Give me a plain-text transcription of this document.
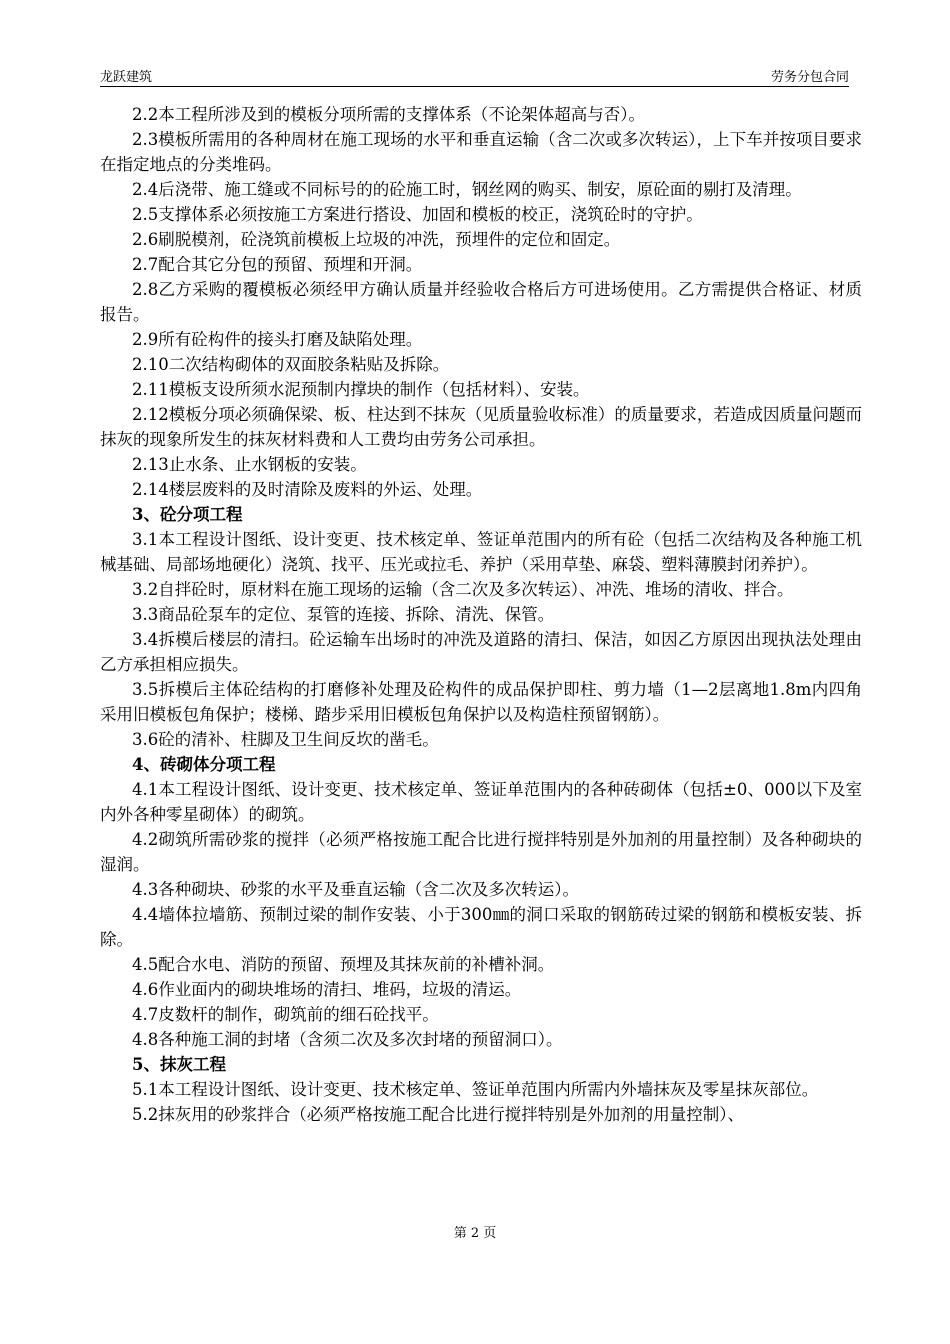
龙跃建筑	劳务分包合同

2.2本工程所涉及到的模板分项所需的支撑体系（不论架体超高与否）。

2.3模板所需用的各种周材在施工现场的水平和垂直运输（含二次或多次转运），上下车并按项目要求在指定地点的分类堆码。

2.4后浇带、施工缝或不同标号的的砼施工时，钢丝网的购买、制安，原砼面的剔打及清理。

2.5支撑体系必须按施工方案进行搭设、加固和模板的校正，浇筑砼时的守护。

2.6刷脱模剂，砼浇筑前模板上垃圾的冲洗，预埋件的定位和固定。

2.7配合其它分包的预留、预埋和开洞。

2.8乙方采购的覆模板必须经甲方确认质量并经验收合格后方可进场使用。乙方需提供合格证、材质报告。

2.9所有砼构件的接头打磨及缺陷处理。

2.10二次结构砌体的双面胶条粘贴及拆除。

2.11模板支设所须水泥预制内撑块的制作（包括材料）、安装。

2.12模板分项必须确保梁、板、柱达到不抹灰（见质量验收标准）的质量要求，若造成因质量问题而抹灰的现象所发生的抹灰材料费和人工费均由劳务公司承担。

2.13止水条、止水钢板的安装。

2.14楼层废料的及时清除及废料的外运、处理。

3、砼分项工程

3.1本工程设计图纸、设计变更、技术核定单、签证单范围内的所有砼（包括二次结构及各种施工机械基础、局部场地硬化）浇筑、找平、压光或拉毛、养护（采用草垫、麻袋、塑料薄膜封闭养护）。

3.2自拌砼时，原材料在施工现场的运输（含二次及多次转运）、冲洗、堆场的清收、拌合。

3.3商品砼泵车的定位、泵管的连接、拆除、清洗、保管。

3.4拆模后楼层的清扫。砼运输车出场时的冲洗及道路的清扫、保洁，如因乙方原因出现执法处理由乙方承担相应损失。

3.5拆模后主体砼结构的打磨修补处理及砼构件的成品保护即柱、剪力墙（1—2层离地1.8m内四角采用旧模板包角保护；楼梯、踏步采用旧模板包角保护以及构造柱预留钢筋）。

3.6砼的清补、柱脚及卫生间反坎的凿毛。

4、砖砌体分项工程

4.1本工程设计图纸、设计变更、技术核定单、签证单范围内的各种砖砌体（包括±0、000以下及室内外各种零星砌体）的砌筑。

4.2砌筑所需砂浆的搅拌（必须严格按施工配合比进行搅拌特别是外加剂的用量控制）及各种砌块的湿润。

4.3各种砌块、砂浆的水平及垂直运输（含二次及多次转运）。

4.4墙体拉墙筋、预制过梁的制作安装、小于300㎜的洞口采取的钢筋砖过梁的钢筋和模板安装、拆除。

4.5配合水电、消防的预留、预埋及其抹灰前的补槽补洞。

4.6作业面内的砌块堆场的清扫、堆码，垃圾的清运。

4.7皮数杆的制作，砌筑前的细石砼找平。

4.8各种施工洞的封堵（含须二次及多次封堵的预留洞口）。

5、抹灰工程

5.1本工程设计图纸、设计变更、技术核定单、签证单范围内所需内外墙抹灰及零星抹灰部位。

5.2抹灰用的砂浆拌合（必须严格按施工配合比进行搅拌特别是外加剂的用量控制）、

第 2 页
